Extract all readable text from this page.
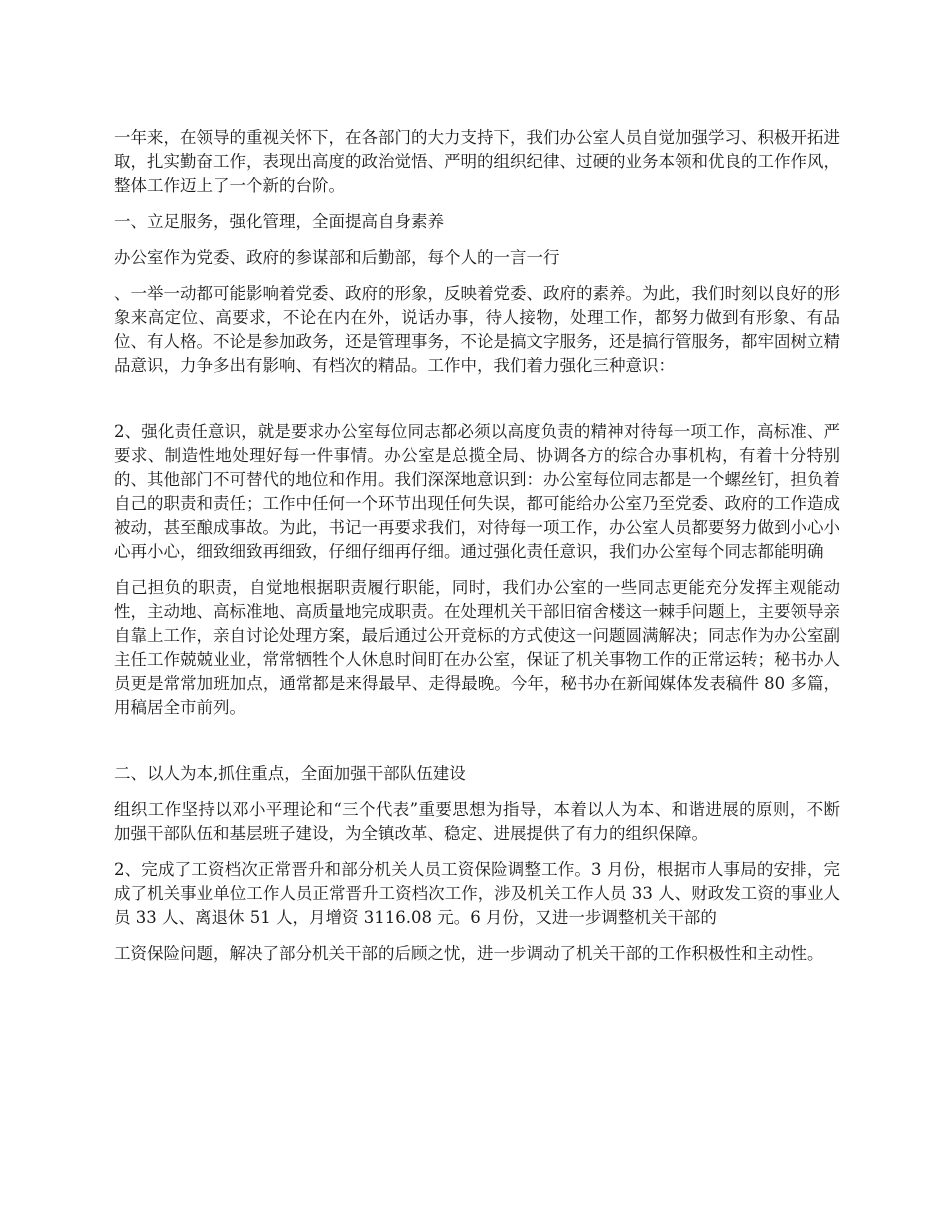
一年来，在领导的重视关怀下，在各部门的大力支持下，我们办公室人员自觉加强学习、积极开拓进取，扎实勤奋工作，表现出高度的政治觉悟、严明的组织纪律、过硬的业务本领和优良的工作作风，整体工作迈上了一个新的台阶。

一、立足服务，强化管理，全面提高自身素养

办公室作为党委、政府的参谋部和后勤部，每个人的一言一行

、一举一动都可能影响着党委、政府的形象，反映着党委、政府的素养。为此，我们时刻以良好的形象来高定位、高要求，不论在内在外，说话办事，待人接物，处理工作，都努力做到有形象、有品位、有人格。不论是参加政务，还是管理事务，不论是搞文字服务，还是搞行管服务，都牢固树立精品意识，力争多出有影响、有档次的精品。工作中，我们着力强化三种意识：

2、强化责任意识，就是要求办公室每位同志都必须以高度负责的精神对待每一项工作，高标准、严要求、制造性地处理好每一件事情。办公室是总揽全局、协调各方的综合办事机构，有着十分特别的、其他部门不可替代的地位和作用。我们深深地意识到：办公室每位同志都是一个螺丝钉，担负着自己的职责和责任；工作中任何一个环节出现任何失误，都可能给办公室乃至党委、政府的工作造成被动，甚至酿成事故。为此，书记一再要求我们，对待每一项工作，办公室人员都要努力做到小心小心再小心，细致细致再细致，仔细仔细再仔细。通过强化责任意识，我们办公室每个同志都能明确

自己担负的职责，自觉地根据职责履行职能，同时，我们办公室的一些同志更能充分发挥主观能动性，主动地、高标准地、高质量地完成职责。在处理机关干部旧宿舍楼这一棘手问题上，主要领导亲自靠上工作，亲自讨论处理方案，最后通过公开竞标的方式使这一问题圆满解决；同志作为办公室副主任工作兢兢业业，常常牺牲个人休息时间盯在办公室，保证了机关事物工作的正常运转；秘书办人员更是常常加班加点，通常都是来得最早、走得最晚。今年，秘书办在新闻媒体发表稿件 80 多篇，用稿居全市前列。

二、以人为本,抓住重点，全面加强干部队伍建设

组织工作坚持以邓小平理论和“三个代表”重要思想为指导，本着以人为本、和谐进展的原则，不断加强干部队伍和基层班子建设，为全镇改革、稳定、进展提供了有力的组织保障。

2、完成了工资档次正常晋升和部分机关人员工资保险调整工作。3 月份，根据市人事局的安排，完成了机关事业单位工作人员正常晋升工资档次工作，涉及机关工作人员 33 人、财政发工资的事业人员 33 人、离退休 51 人，月增资 3116.08 元。6 月份，又进一步调整机关干部的

工资保险问题，解决了部分机关干部的后顾之忧，进一步调动了机关干部的工作积极性和主动性。
